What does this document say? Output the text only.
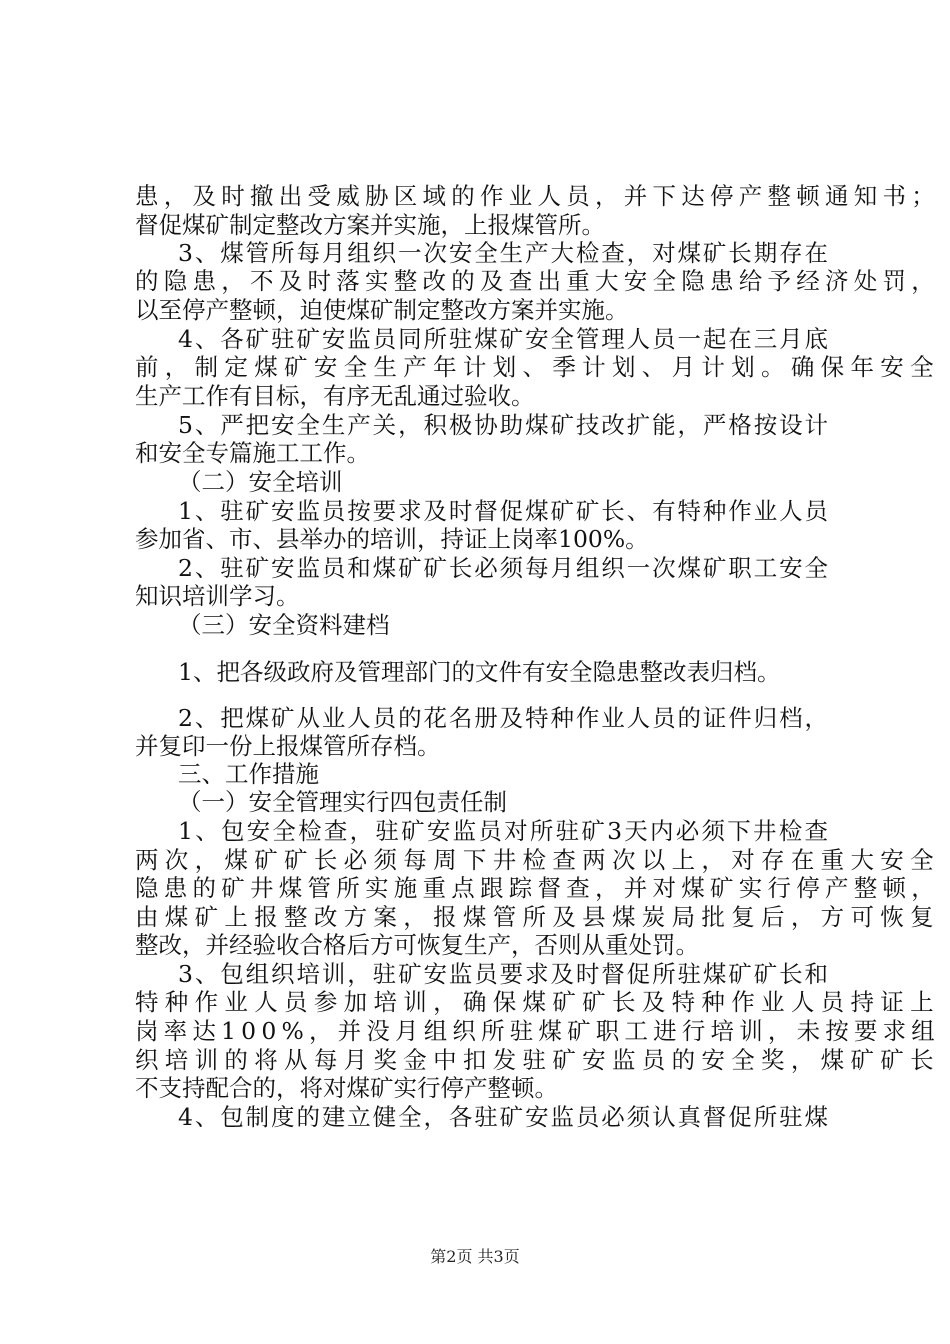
患，及时撤出受威胁区域的作业人员，并下达停产整顿通知书；
督促煤矿制定整改方案并实施，上报煤管所。
3、煤管所每月组织一次安全生产大检查，对煤矿长期存在
的隐患，不及时落实整改的及查出重大安全隐患给予经济处罚，
以至停产整顿，迫使煤矿制定整改方案并实施。
4、各矿驻矿安监员同所驻煤矿安全管理人员一起在三月底
前，制定煤矿安全生产年计划、季计划、月计划。确保年安全
生产工作有目标，有序无乱通过验收。
5、严把安全生产关，积极协助煤矿技改扩能，严格按设计
和安全专篇施工工作。
（二）安全培训
1、驻矿安监员按要求及时督促煤矿矿长、有特种作业人员
参加省、市、县举办的培训，持证上岗率100%。
2、驻矿安监员和煤矿矿长必须每月组织一次煤矿职工安全
知识培训学习。
（三）安全资料建档
1、把各级政府及管理部门的文件有安全隐患整改表归档。
2、把煤矿从业人员的花名册及特种作业人员的证件归档，
并复印一份上报煤管所存档。
三、工作措施
（一）安全管理实行四包责任制
1、包安全检查，驻矿安监员对所驻矿3天内必须下井检查
两次，煤矿矿长必须每周下井检查两次以上，对存在重大安全
隐患的矿井煤管所实施重点跟踪督查，并对煤矿实行停产整顿，
由煤矿上报整改方案，报煤管所及县煤炭局批复后，方可恢复
整改，并经验收合格后方可恢复生产，否则从重处罚。
3、包组织培训，驻矿安监员要求及时督促所驻煤矿矿长和
特种作业人员参加培训，确保煤矿矿长及特种作业人员持证上
岗率达100%，并没月组织所驻煤矿职工进行培训，未按要求组
织培训的将从每月奖金中扣发驻矿安监员的安全奖，煤矿矿长
不支持配合的，将对煤矿实行停产整顿。
4、包制度的建立健全，各驻矿安监员必须认真督促所驻煤
第2页 共3页
